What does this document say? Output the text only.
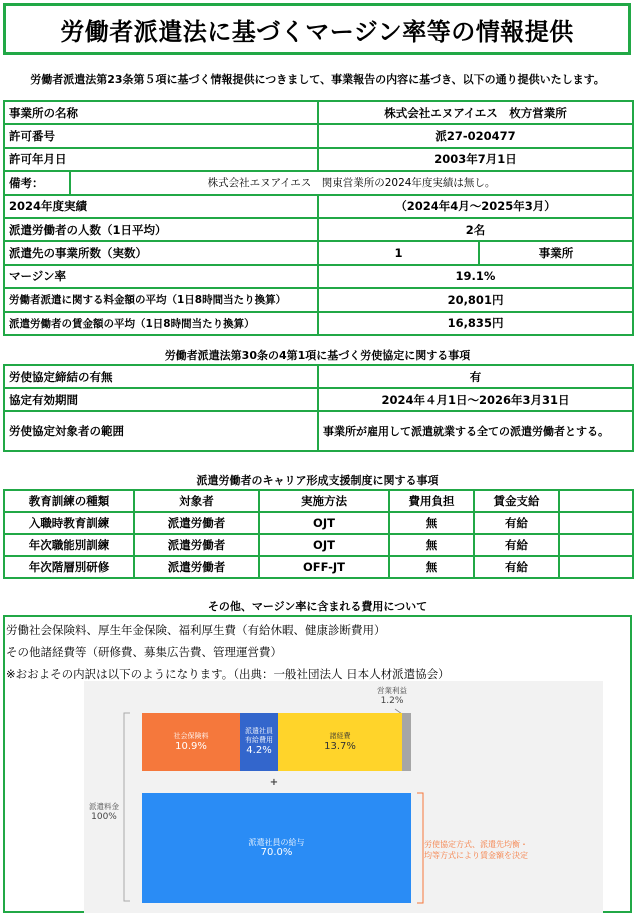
労働者派遣法に基づくマージン率等の情報提供
労働者派遣法第23条第５項に基づく情報提供につきまして、事業報告の内容に基づき、以下の通り提供いたします。
事業所の名称		株式会社エヌアイエス　枚方営業所	
許可番号		派27-020477	
許可年月日		2003年7月1日	
備考：	株式会社エヌアイエス　関東営業所の2024年度実績は無し。		
2024年度実績		（2024年4月～2025年3月）	
派遣労働者の人数（1日平均）		2名	
派遣先の事業所数（実数）		1	事業所
マージン率		19.1%	
労働者派遣に関する料金額の平均（1日8時間当たり換算）		20,801円	
派遣労働者の賃金額の平均（1日8時間当たり換算）		16,835円	
労働者派遣法第30条の4第1項に基づく労使協定に関する事項
労使協定締結の有無	有
協定有効期間	2024年４月1日～2026年3月31日
労使協定対象者の範囲	事業所が雇用して派遣就業する全ての派遣労働者とする。
派遣労働者のキャリア形成支援制度に関する事項
教育訓練の種類	対象者	実施方法	費用負担	賃金支給	
入職時教育訓練	派遣労働者	OJT	無	有給	
年次職能別訓練	派遣労働者	OJT	無	有給	
年次階層別研修	派遣労働者	OFF-JT	無	有給	
その他、マージン率に含まれる費用について
労働社会保険料、厚生年金保険、福利厚生費（有給休暇、健康診断費用）
その他諸経費等（研修費、募集広告費、管理運営費）
※おおよその内訳は以下のようになります。（出典：一般社団法人 日本人材派遣協会）
社会保険料
10.9%
派遣社員
有給費用
4.2%
諸経費
13.7%
営業利益
1.2%
+
派遣社員の給与
70.0%
派遣料金
100%
労使協定方式、派遣先均衡・
均等方式により賃金額を決定
